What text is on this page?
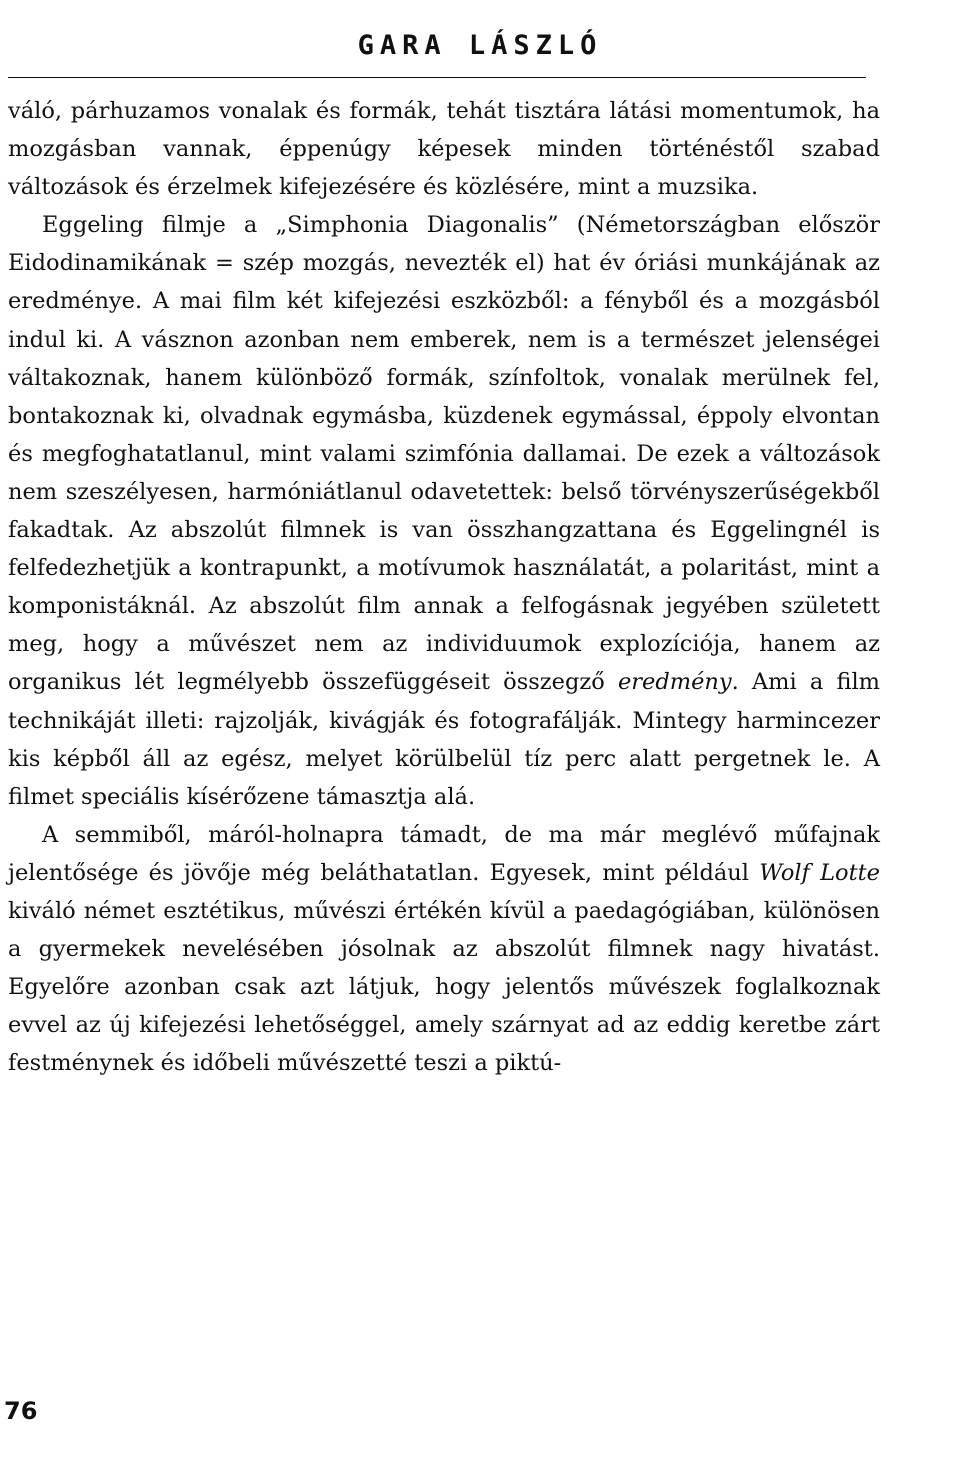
GARA LÁSZLÓ

váló, párhuzamos vonalak és formák, tehát tisztára látási momentumok, ha mozgásban vannak, éppenúgy képesek minden történéstől szabad változások és érzelmek kifejezésére és közlésére, mint a muzsika.

Eggeling filmje a „Simphonia Diagonalis” (Németországban először Eidodinamikának = szép mozgás, nevezték el) hat év óriási munkájának az eredménye. A mai film két kifejezési eszközből: a fényből és a mozgásból indul ki. A vásznon azonban nem emberek, nem is a természet jelenségei váltakoznak, hanem különböző formák, színfoltok, vonalak merülnek fel, bontakoznak ki, olvadnak egymásba, küzdenek egymással, éppoly elvontan és megfoghatatlanul, mint valami szimfónia dallamai. De ezek a változások nem szeszélyesen, harmóniátlanul odavetettek: belső törvényszerűségekből fakadtak. Az abszolút filmnek is van összhangzattana és Eggelingnél is felfedezhetjük a kontrapunkt, a motívumok használatát, a polaritást, mint a komponistáknál. Az abszolút film annak a felfogásnak jegyében született meg, hogy a művészet nem az individuumok explozíciója, hanem az organikus lét legmélyebb összefüggéseit összegző eredmény. Ami a film technikáját illeti: rajzolják, kivágják és fotografálják. Mintegy harmincezer kis képből áll az egész, melyet körülbelül tíz perc alatt pergetnek le. A filmet speciális kísérőzene támasztja alá.

A semmiből, máról-holnapra támadt, de ma már meglévő műfajnak jelentősége és jövője még beláthatatlan. Egyesek, mint például Wolf Lotte kiváló német esztétikus, művészi értékén kívül a paedagógiában, különösen a gyermekek nevelésében jósolnak az abszolút filmnek nagy hivatást. Egyelőre azonban csak azt látjuk, hogy jelentős művészek foglalkoznak evvel az új kifejezési lehetőséggel, amely szárnyat ad az eddig keretbe zárt festménynek és időbeli művészetté teszi a piktú-

76
